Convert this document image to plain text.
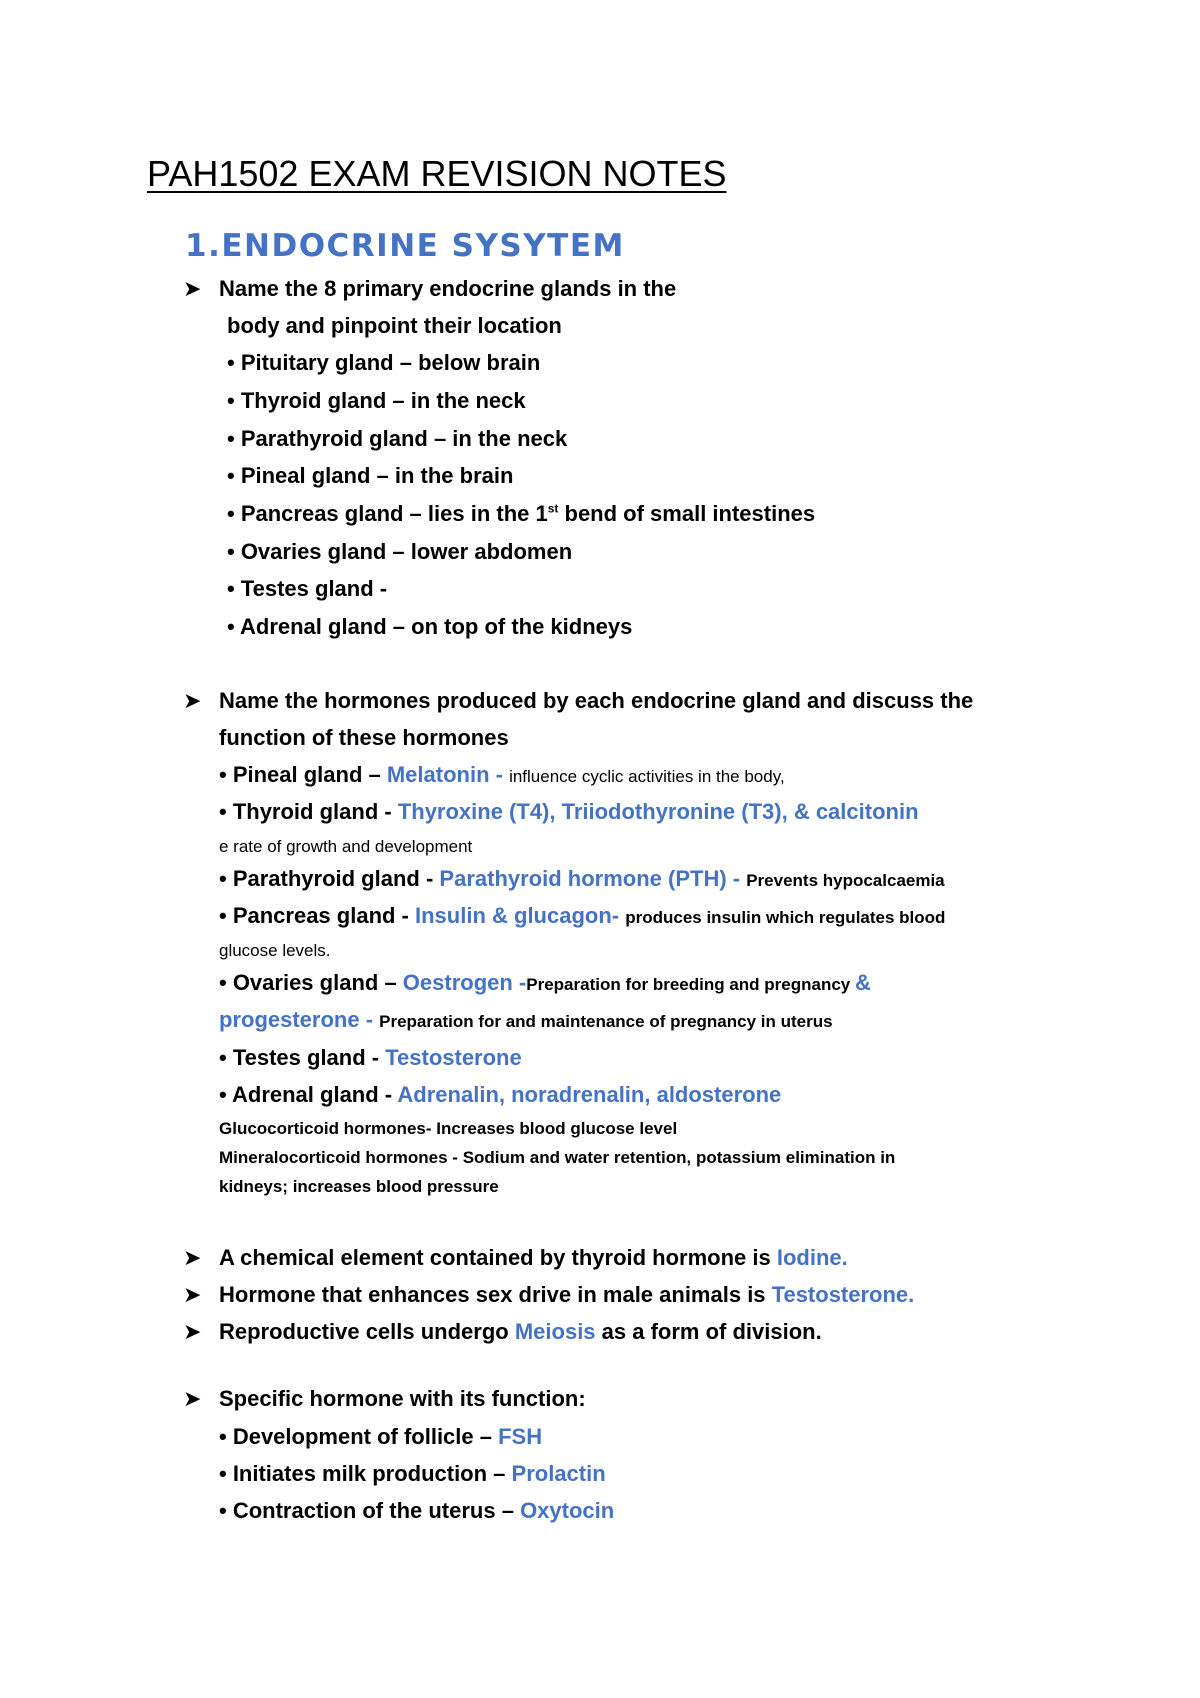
PAH1502 EXAM REVISION NOTES
1.ENDOCRINE SYSYTEM
➤ Name the 8 primary endocrine glands in the
body and pinpoint their location
• Pituitary gland – below brain
• Thyroid gland – in the neck
• Parathyroid gland – in the neck
• Pineal gland – in the brain
• Pancreas gland – lies in the 1st bend of small intestines
• Ovaries gland – lower abdomen
• Testes gland -
• Adrenal gland – on top of the kidneys
➤ Name the hormones produced by each endocrine gland and discuss the
function of these hormones
• Pineal gland – Melatonin - influence cyclic activities in the body,
• Thyroid gland - Thyroxine (T4), Triiodothyronine (T3), & calcitonin
e rate of growth and development
• Parathyroid gland - Parathyroid hormone (PTH) - Prevents hypocalcaemia
• Pancreas gland - Insulin & glucagon- produces insulin which regulates blood
glucose levels.
• Ovaries gland – Oestrogen -Preparation for breeding and pregnancy &
progesterone - Preparation for and maintenance of pregnancy in uterus
• Testes gland - Testosterone
• Adrenal gland - Adrenalin, noradrenalin, aldosterone
Glucocorticoid hormones- Increases blood glucose level
Mineralocorticoid hormones - Sodium and water retention, potassium elimination in
kidneys; increases blood pressure
➤ A chemical element contained by thyroid hormone is Iodine.
➤ Hormone that enhances sex drive in male animals is Testosterone.
➤ Reproductive cells undergo Meiosis as a form of division.
➤ Specific hormone with its function:
• Development of follicle – FSH
• Initiates milk production – Prolactin
• Contraction of the uterus – Oxytocin
